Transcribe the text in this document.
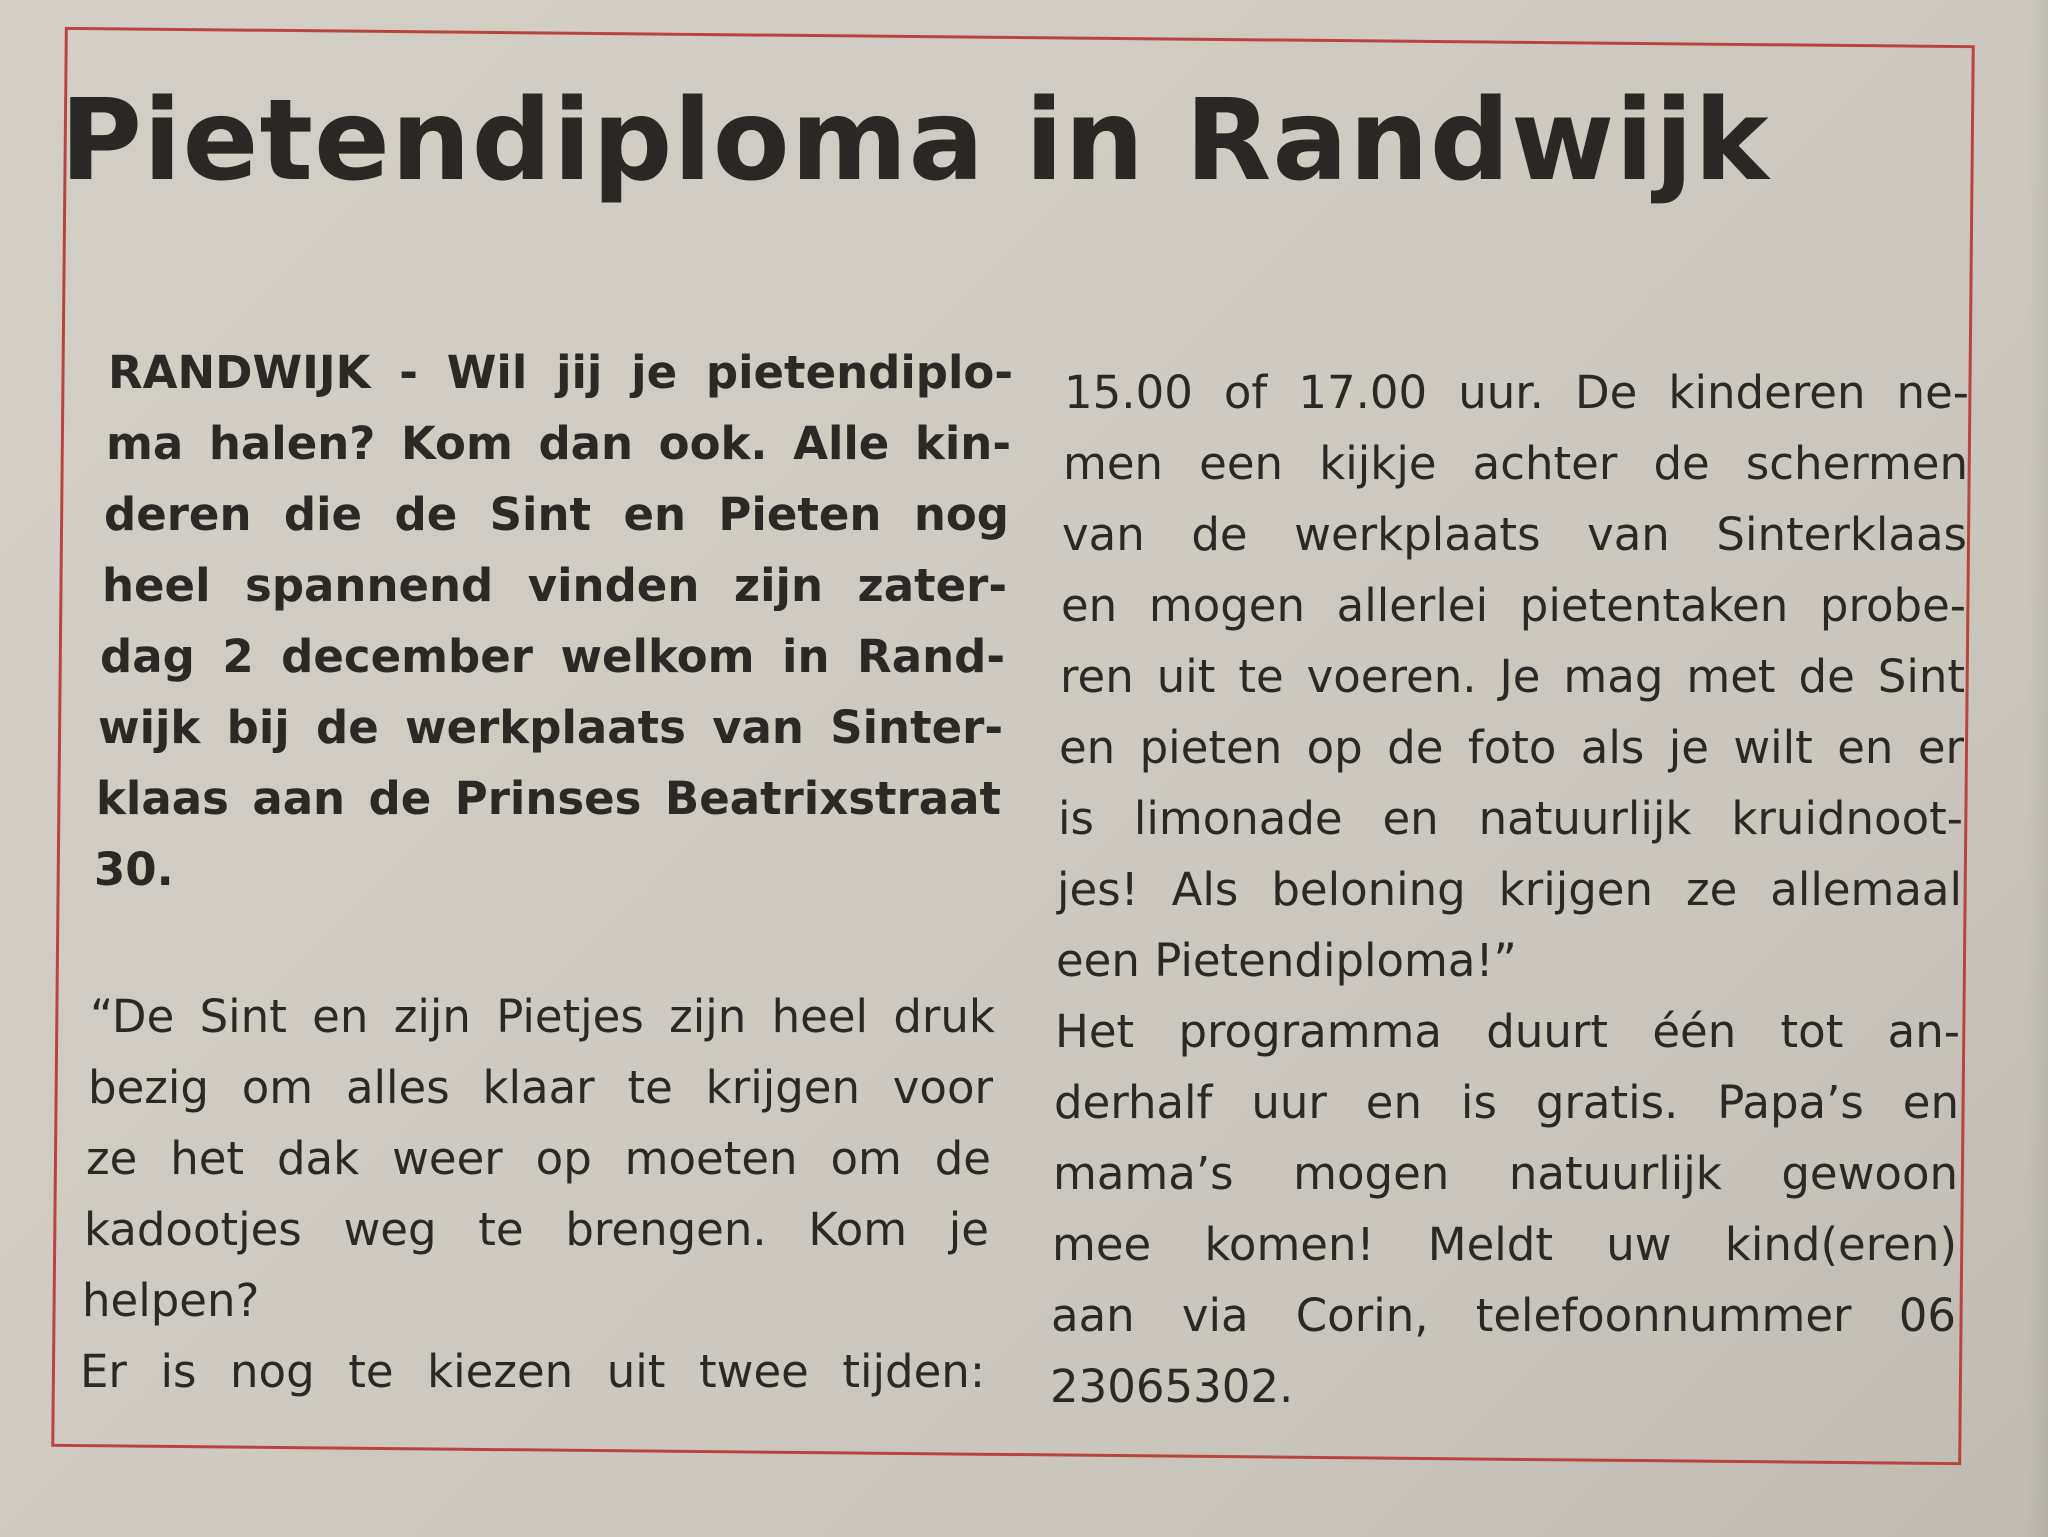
Pietendiploma in Randwijk
RANDWIJK - Wil jij je pietendiplo-
ma halen? Kom dan ook. Alle kin-
deren die de Sint en Pieten nog
heel spannend vinden zijn zater-
dag 2 december welkom in Rand-
wijk bij de werkplaats van Sinter-
klaas aan de Prinses Beatrixstraat
30.
“De Sint en zijn Pietjes zijn heel druk
bezig om alles klaar te krijgen voor
ze het dak weer op moeten om de
kadootjes weg te brengen. Kom je
helpen?
Er is nog te kiezen uit twee tijden:
15.00 of 17.00 uur. De kinderen ne-
men een kijkje achter de schermen
van de werkplaats van Sinterklaas
en mogen allerlei pietentaken probe-
ren uit te voeren. Je mag met de Sint
en pieten op de foto als je wilt en er
is limonade en natuurlijk kruidnoot-
jes! Als beloning krijgen ze allemaal
een Pietendiploma!”
Het programma duurt één tot an-
derhalf uur en is gratis. Papa’s en
mama’s mogen natuurlijk gewoon
mee komen! Meldt uw kind(eren)
aan via Corin, telefoonnummer 06
23065302.
